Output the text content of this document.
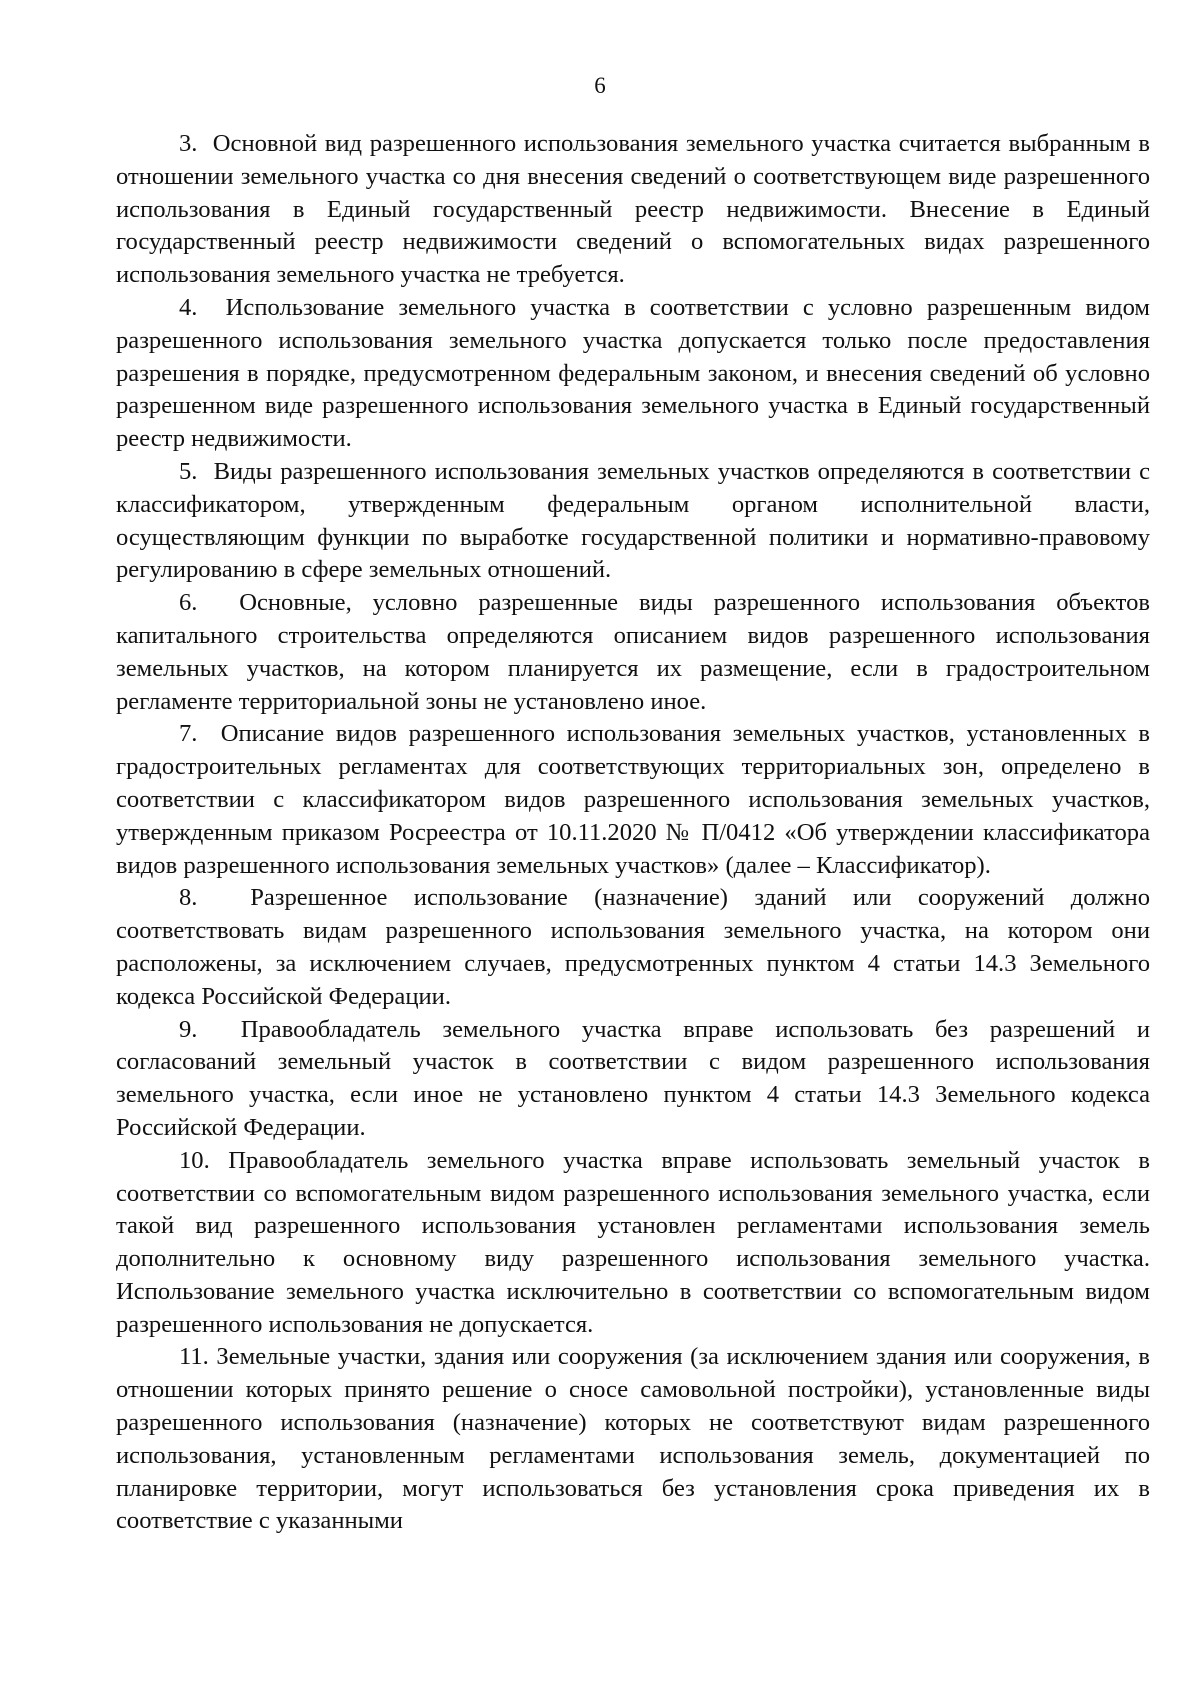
6

3.  Основной вид разрешенного использования земельного участка считается выбранным в отношении земельного участка со дня внесения сведений о соответствующем виде разрешенного использования в Единый государственный реестр недвижимости. Внесение в Единый государственный реестр недвижимости сведений о вспомогательных видах разрешенного использования земельного участка не требуется.

4.  Использование земельного участка в соответствии с условно разрешенным видом разрешенного использования земельного участка допускается только после предоставления разрешения в порядке, предусмотренном федеральным законом, и внесения сведений об условно разрешенном виде разрешенного использования земельного участка в Единый государственный реестр недвижимости.

5.  Виды разрешенного использования земельных участков определяются в соответствии с классификатором, утвержденным федеральным органом исполнительной власти, осуществляющим функции по выработке государственной политики и нормативно-правовому регулированию в сфере земельных отношений.

6.  Основные, условно разрешенные виды разрешенного использования объектов капитального строительства определяются описанием видов разрешенного использования земельных участков, на котором планируется их размещение, если в градостроительном регламенте территориальной зоны не установлено иное.

7.  Описание видов разрешенного использования земельных участков, установленных в градостроительных регламентах для соответствующих территориальных зон, определено в соответствии с классификатором видов разрешенного использования земельных участков, утвержденным приказом Росреестра от 10.11.2020 № П/0412 «Об утверждении классификатора видов разрешенного использования земельных участков» (далее – Классификатор).

8.  Разрешенное использование (назначение) зданий или сооружений должно соответствовать видам разрешенного использования земельного участка, на котором они расположены, за исключением случаев, предусмотренных пунктом 4 статьи 14.3 Земельного кодекса Российской Федерации.

9.  Правообладатель земельного участка вправе использовать без разрешений и согласований земельный участок в соответствии с видом разрешенного использования земельного участка, если иное не установлено пунктом 4 статьи 14.3 Земельного кодекса Российской Федерации.

10. Правообладатель земельного участка вправе использовать земельный участок в соответствии со вспомогательным видом разрешенного использования земельного участка, если такой вид разрешенного использования установлен регламентами использования земель дополнительно к основному виду разрешенного использования земельного участка. Использование земельного участка исключительно в соответствии со вспомогательным видом разрешенного использования не допускается.

11. Земельные участки, здания или сооружения (за исключением здания или сооружения, в отношении которых принято решение о сносе самовольной постройки), установленные виды разрешенного использования (назначение) которых не соответствуют видам разрешенного использования, установленным регламентами использования земель, документацией по планировке территории, могут использоваться без установления срока приведения их в соответствие с указанными
